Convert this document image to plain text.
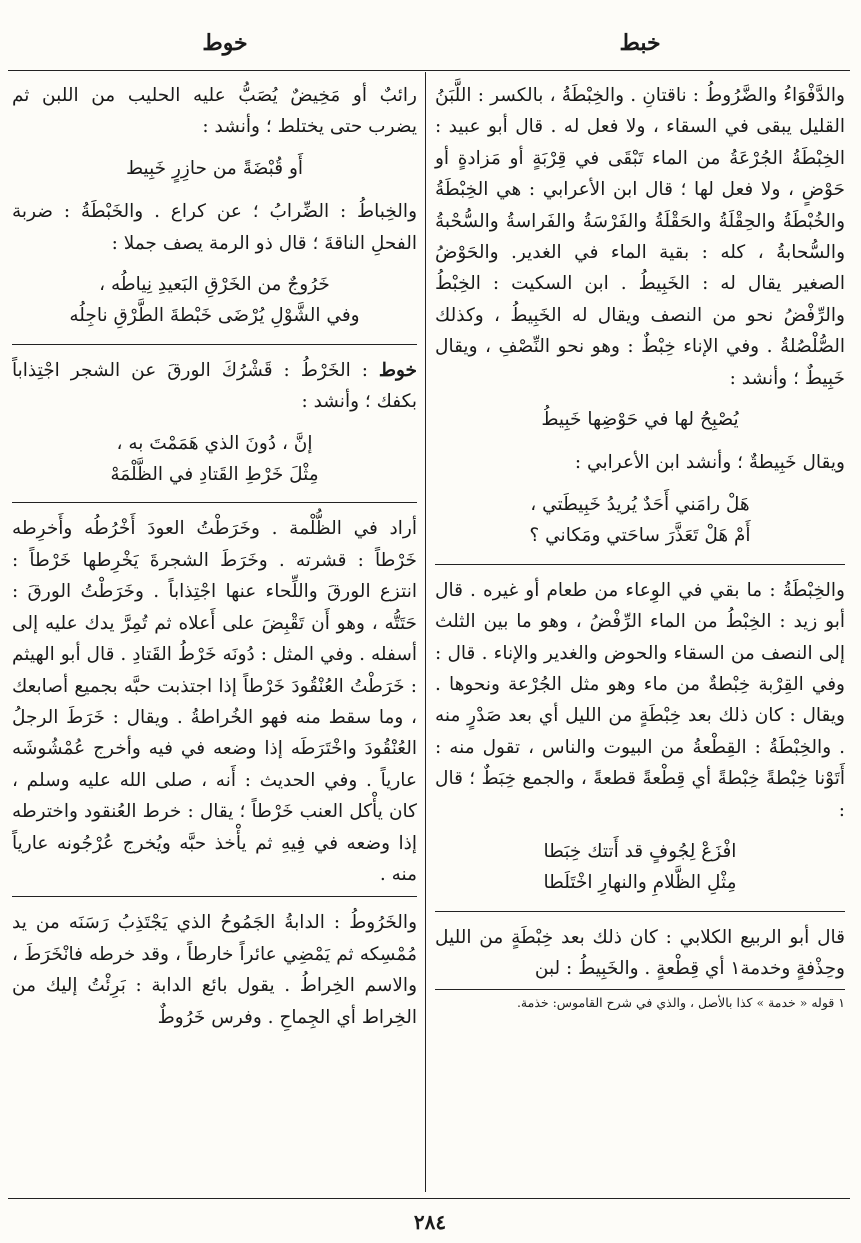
خبط
خوط

والدَّفْوَاءُ والضَّرُوطُ : ناقتانِ . والخِبْطَةُ ، بالكسر : اللَّبَنُ القليل يبقى في السقاء ، ولا فعل له . قال أبو عبيد : الخِبْطَةُ الجُرْعَةُ من الماء تَبْقَى في قِرْبَةٍ أو مَزادةٍ أو حَوْضٍ ، ولا فعل لها ؛ قال ابن الأعرابي : هي الخِبْطَةُ والخُبْطَةُ والحِقْلَةُ والحَقْلَةُ والفَرْسَةُ والفَراسةُ والسُّحْبةُ والسُّحابةُ ، كله : بقية الماء في الغدير. والحَوْضُ الصغير يقال له : الخَبِيطُ . ابن السكيت : الخِبْطُ والرِّفْضُ نحو من النصف ويقال له الخَبِيطُ ، وكذلك الصُّلْصُلةُ . وفي الإناء خِبْطٌ : وهو نحو النِّصْفِ ، ويقال خَبِيطٌ ؛ وأنشد :

يُصْبِحُ لها في حَوْضِها خَبِيطُ

ويقال خَبِيطةٌ ؛ وأنشد ابن الأعرابي :

هَلْ رامَني أَحَدٌ يُريدُ خَبِيطَتي ،

أَمْ هَلْ تَعَذَّرَ ساحَتي ومَكاني ؟

والخِبْطَةُ : ما بقي في الوِعاء من طعام أو غيره . قال أبو زيد : الخِبْطُ من الماء الرِّفْضُ ، وهو ما بين الثلث إلى النصف من السقاء والحوض والغدير والإناء . قال : وفي القِرْبة خِبْطةٌ من ماء وهو مثل الجُرْعة ونحوها . ويقال : كان ذلك بعد خِبْطَةٍ من الليل أي بعد صَدْرٍ منه . والخِبْطَةُ : القِطْعةُ من البيوت والناس ، تقول منه : أَتَوْنا خِبْطةً خِبْطةً أي قِطْعةً قطعةً ، والجمع خِبَطٌ ؛ قال :

افْزَعْ لِجُوفٍ قد أَتتك خِبَطا

مِثْلِ الظَّلامِ والنهارِ اخْتَلَطا

قال أبو الربيع الكلابي : كان ذلك بعد خِبْطَةٍ من الليل وحِذْفةٍ وخدمة١ أي قِطْعةٍ . والخَبِيطُ : لبن

١ قوله « خدمة » كذا بالأصل ، والذي في شرح القاموس: خذمة.

رائبٌ أو مَخِيضٌ يُصَبُّ عليه الحليب من اللبن ثم يضرب حتى يختلط ؛ وأنشد :

أَو قُبْضَةً من حازِرٍ خَبِيط

والخِباطُ : الضِّرابُ ؛ عن كراع . والخَبْطَةُ : ضربة الفحلِ الناقةَ ؛ قال ذو الرمة يصف جملا :

خَرُوجٌ من الخَرْقِ البَعيدِ نِياطُه ،

وفي الشَّوْلِ يُرْضَى خَبْطةَ الطَّرْقِ ناجِلُه

خوط : الخَرْطُ : قَشْرُكَ الورقَ عن الشجر اجْتِذاباً بكفك ؛ وأنشد :

إنَّ ، دُونَ الذي هَمَمْتَ به ،

مِثْلَ خَرْطِ القَتادِ في الظَّلْمَهْ

أراد في الظُّلْمة . وخَرَطْتُ العودَ أَخْرُطُه وأَخرِطه خَرْطاً : قشرته . وخَرَطَ الشجرةَ يَخْرِطها خَرْطاً : انتزع الورقَ واللِّحاء عنها اجْتِذاباً . وخَرَطْتُ الورقَ : حَتَتُّه ، وهو أَن تَقْبِضَ على أَعلاه ثم تُمِرَّ يدك عليه إلى أسفله . وفي المثل : دُونَه خَرْطُ القَتادِ . قال أبو الهيثم : خَرَطْتُ العُنْقُودَ خَرْطاً إذا اجتذبت حبَّه بجميع أصابعك ، وما سقط منه فهو الخُراطةُ . ويقال : خَرَطَ الرجلُ العُنْقُودَ واخْتَرَطَه إذا وضعه في فيه وأخرج عُمْشُوشَه عارياً . وفي الحديث : أَنه ، صلى الله عليه وسلم ، كان يأْكل العنب خَرْطاً ؛ يقال : خرط العُنقود واخترطه إذا وضعه في فِيهِ ثم يأْخذ حبَّه ويُخرج عُرْجُونه عارياً منه .

والخَرُوطُ : الدابةُ الجَمُوحُ الذي يَجْتَذِبُ رَسَنَه من يد مُمْسِكه ثم يَمْضِي عائراً خارطاً ، وقد خرطه فانْخَرَطَ ، والاسم الخِراطُ . يقول بائع الدابة : بَرِئْتُ إليك من الخِراط أي الجِماحِ . وفرس خَرُوطٌ

٢٨٤
